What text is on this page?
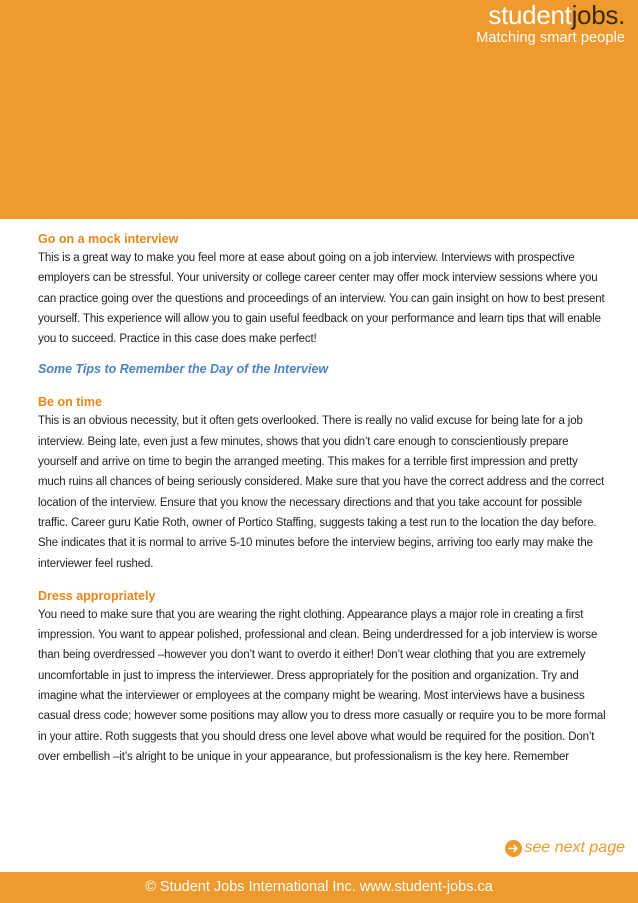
studentjobs.
Matching smart people
Go on a mock interview

This is a great way to make you feel more at ease about going on a job interview. Interviews with prospective employers can be stressful. Your university or college career center may offer mock interview sessions where you can practice going over the questions and proceedings of an interview. You can gain insight on how to best present yourself. This experience will allow you to gain useful feedback on your performance and learn tips that will enable you to succeed. Practice in this case does make perfect!

Some Tips to Remember the Day of the Interview
Be on time

This is an obvious necessity, but it often gets overlooked. There is really no valid excuse for being late for a job interview. Being late, even just a few minutes, shows that you didn’t care enough to conscientiously prepare yourself and arrive on time to begin the arranged meeting. This makes for a terrible first impression and pretty much ruins all chances of being seriously considered. Make sure that you have the correct address and the correct location of the interview. Ensure that you know the necessary directions and that you take account for possible traffic. Career guru Katie Roth, owner of Portico Staffing, suggests taking a test run to the location the day before. She indicates that it is normal to arrive 5-10 minutes before the interview begins, arriving too early may make the interviewer feel rushed.

Dress appropriately

You need to make sure that you are wearing the right clothing. Appearance plays a major role in creating a first impression. You want to appear polished, professional and clean. Being underdressed for a job interview is worse than being overdressed –however you don’t want to overdo it either! Don’t wear clothing that you are extremely uncomfortable in just to impress the interviewer. Dress appropriately for the position and organization. Try and imagine what the interviewer or employees at the company might be wearing. Most interviews have a business casual dress code; however some positions may allow you to dress more casually or require you to be more formal in your attire. Roth suggests that you should dress one level above what would be required for the position. Don’t over embellish –it’s alright to be unique in your appearance, but professionalism is the key here. Remember

see next page
© Student Jobs International Inc. www.student-jobs.ca
